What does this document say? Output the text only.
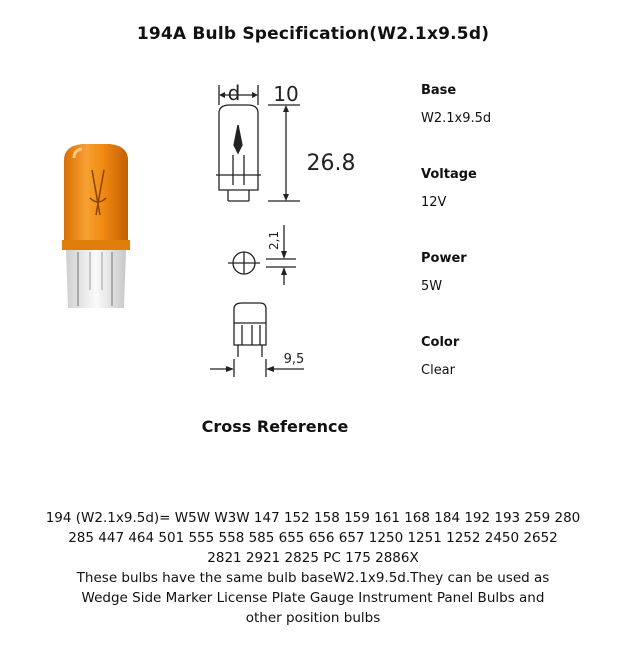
194A Bulb Specification(W2.1x9.5d)
d 10
26.8
2,1
9,5
Base
W2.1x9.5d
Voltage
12V
Power
5W
Color
Clear
Cross Reference
194 (W2.1x9.5d)= W5W W3W 147 152 158 159 161 168 184 192 193 259 280
285 447 464 501 555 558 585 655 656 657 1250 1251 1252 2450 2652
2821 2921 2825 PC 175 2886X
These bulbs have the same bulb baseW2.1x9.5d.They can be used as
Wedge Side Marker License Plate Gauge Instrument Panel Bulbs and
other position bulbs
